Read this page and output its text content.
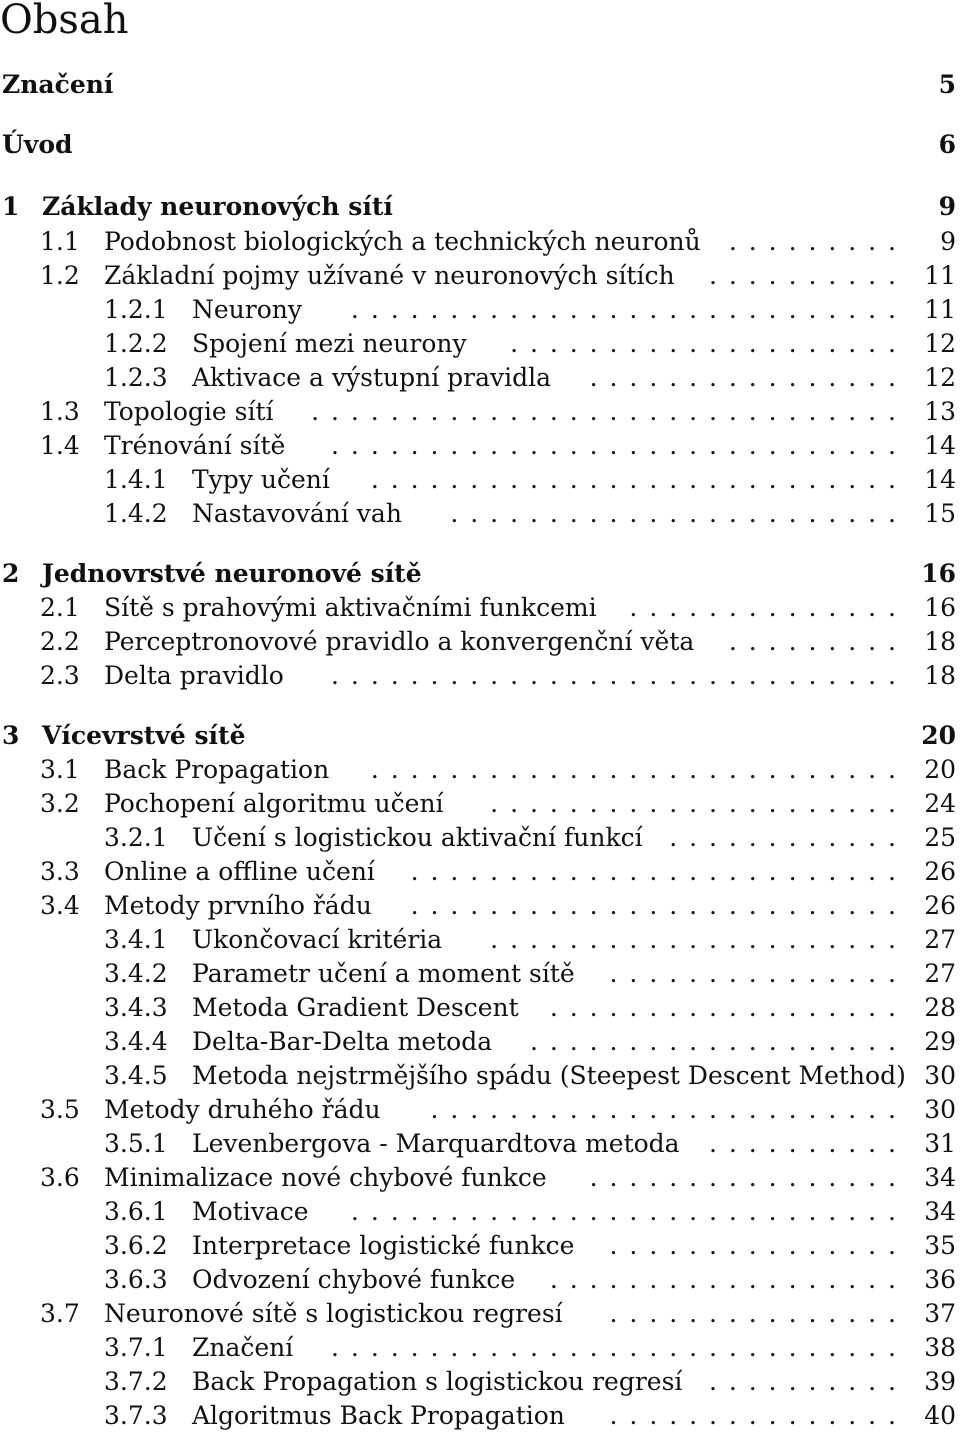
Obsah
Značení	5
Úvod	6
1 Základy neuronových sítí	9
1.1 Podobnost biologických a technických neuronů	9
. . . . . . . . .
1.2 Základní pojmy užívané v neuronových sítích	11
. . . . . . . . . .
1.2.1 Neurony	11
. . . . . . . . . . . . . . . . . . . . . . . . . . . .
1.2.2 Spojení mezi neurony	12
. . . . . . . . . . . . . . . . . . . .
1.2.3 Aktivace a výstupní pravidla	12
. . . . . . . . . . . . . . . .
1.3 Topologie sítí	13
. . . . . . . . . . . . . . . . . . . . . . . . . . . . . .
1.4 Trénování sítě	14
. . . . . . . . . . . . . . . . . . . . . . . . . . . . .
1.4.1 Typy učení	14
. . . . . . . . . . . . . . . . . . . . . . . . . . .
1.4.2 Nastavování vah	15
. . . . . . . . . . . . . . . . . . . . . . .
2 Jednovrstvé neuronové sítě	16
2.1 Sítě s prahovými aktivačními funkcemi	16
. . . . . . . . . . . . . .
2.2 Perceptronovové pravidlo a konvergenční věta	18
. . . . . . . . .
2.3 Delta pravidlo	18
. . . . . . . . . . . . . . . . . . . . . . . . . . . . .
3 Vícevrstvé sítě	20
3.1 Back Propagation	20
. . . . . . . . . . . . . . . . . . . . . . . . . . .
3.2 Pochopení algoritmu učení	24
. . . . . . . . . . . . . . . . . . . . .
3.2.1 Učení s logistickou aktivační funkcí	25
. . . . . . . . . . . .
3.3 Online a offline učení	26
. . . . . . . . . . . . . . . . . . . . . . . . .
3.4 Metody prvního řádu	26
. . . . . . . . . . . . . . . . . . . . . . . . .
3.4.1 Ukončovací kritéria	27
. . . . . . . . . . . . . . . . . . . . .
3.4.2 Parametr učení a moment sítě	27
. . . . . . . . . . . . . . .
3.4.3 Metoda Gradient Descent	28
. . . . . . . . . . . . . . . . . .
3.4.4 Delta-Bar-Delta metoda	29
. . . . . . . . . . . . . . . . . . .
3.4.5 Metoda nejstrmějšího spádu (Steepest Descent Method) 30
3.5 Metody druhého řádu	30
. . . . . . . . . . . . . . . . . . . . . . . .
3.5.1 Levenbergova - Marquardtova metoda	31
. . . . . . . . . .
3.6 Minimalizace nové chybové funkce	34
. . . . . . . . . . . . . . . .
3.6.1 Motivace	34
. . . . . . . . . . . . . . . . . . . . . . . . . . . .
3.6.2 Interpretace logistické funkce	35
. . . . . . . . . . . . . . .
3.6.3 Odvození chybové funkce	36
. . . . . . . . . . . . . . . . . .
3.7 Neuronové sítě s logistickou regresí	37
. . . . . . . . . . . . . . .
3.7.1 Značení	38
. . . . . . . . . . . . . . . . . . . . . . . . . . . . .
3.7.2 Back Propagation s logistickou regresí	39
. . . . . . . . . .
3.7.3 Algoritmus Back Propagation	40
. . . . . . . . . . . . . . .
